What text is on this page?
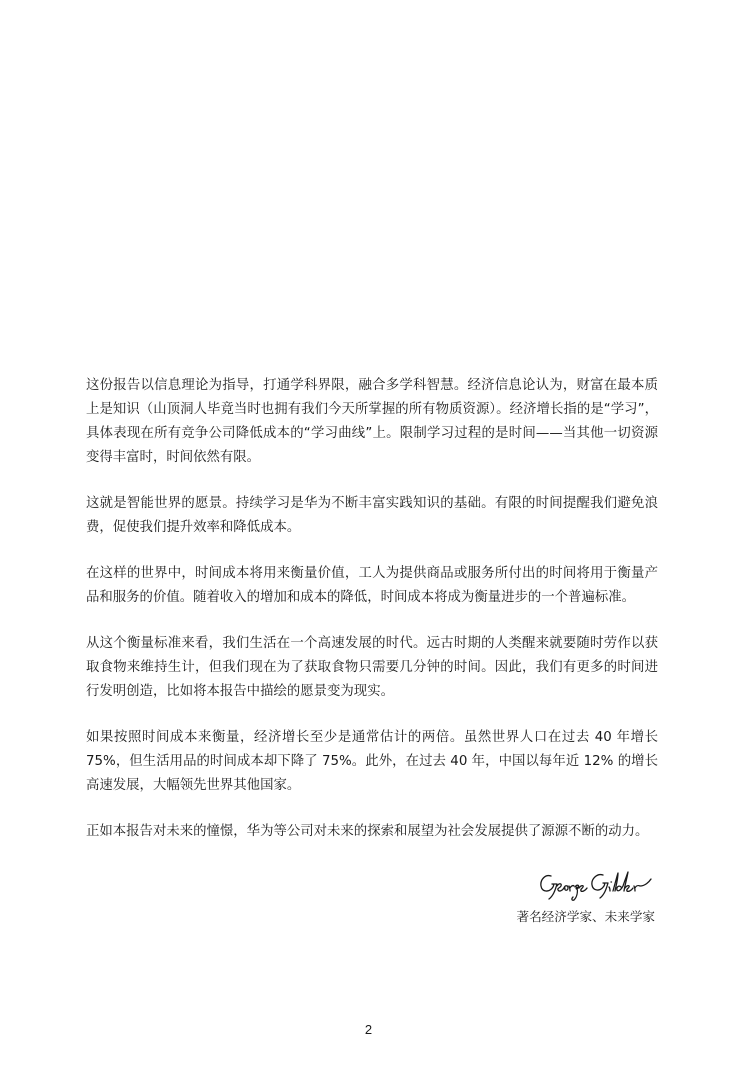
这份报告以信息理论为指导，打通学科界限，融合多学科智慧。经济信息论认为，财富在最本质上是知识（山顶洞人毕竟当时也拥有我们今天所掌握的所有物质资源）。经济增长指的是“学习”，具体表现在所有竞争公司降低成本的“学习曲线”上。限制学习过程的是时间——当其他一切资源变得丰富时，时间依然有限。

这就是智能世界的愿景。持续学习是华为不断丰富实践知识的基础。有限的时间提醒我们避免浪费，促使我们提升效率和降低成本。

在这样的世界中，时间成本将用来衡量价值，工人为提供商品或服务所付出的时间将用于衡量产品和服务的价值。随着收入的增加和成本的降低，时间成本将成为衡量进步的一个普遍标准。

从这个衡量标准来看，我们生活在一个高速发展的时代。远古时期的人类醒来就要随时劳作以获取食物来维持生计，但我们现在为了获取食物只需要几分钟的时间。因此，我们有更多的时间进行发明创造，比如将本报告中描绘的愿景变为现实。

如果按照时间成本来衡量，经济增长至少是通常估计的两倍。虽然世界人口在过去 40 年增长 75%，但生活用品的时间成本却下降了 75%。此外，在过去 40 年，中国以每年近 12% 的增长高速发展，大幅领先世界其他国家。

正如本报告对未来的憧憬，华为等公司对未来的探索和展望为社会发展提供了源源不断的动力。

著名经济学家、未来学家
2
